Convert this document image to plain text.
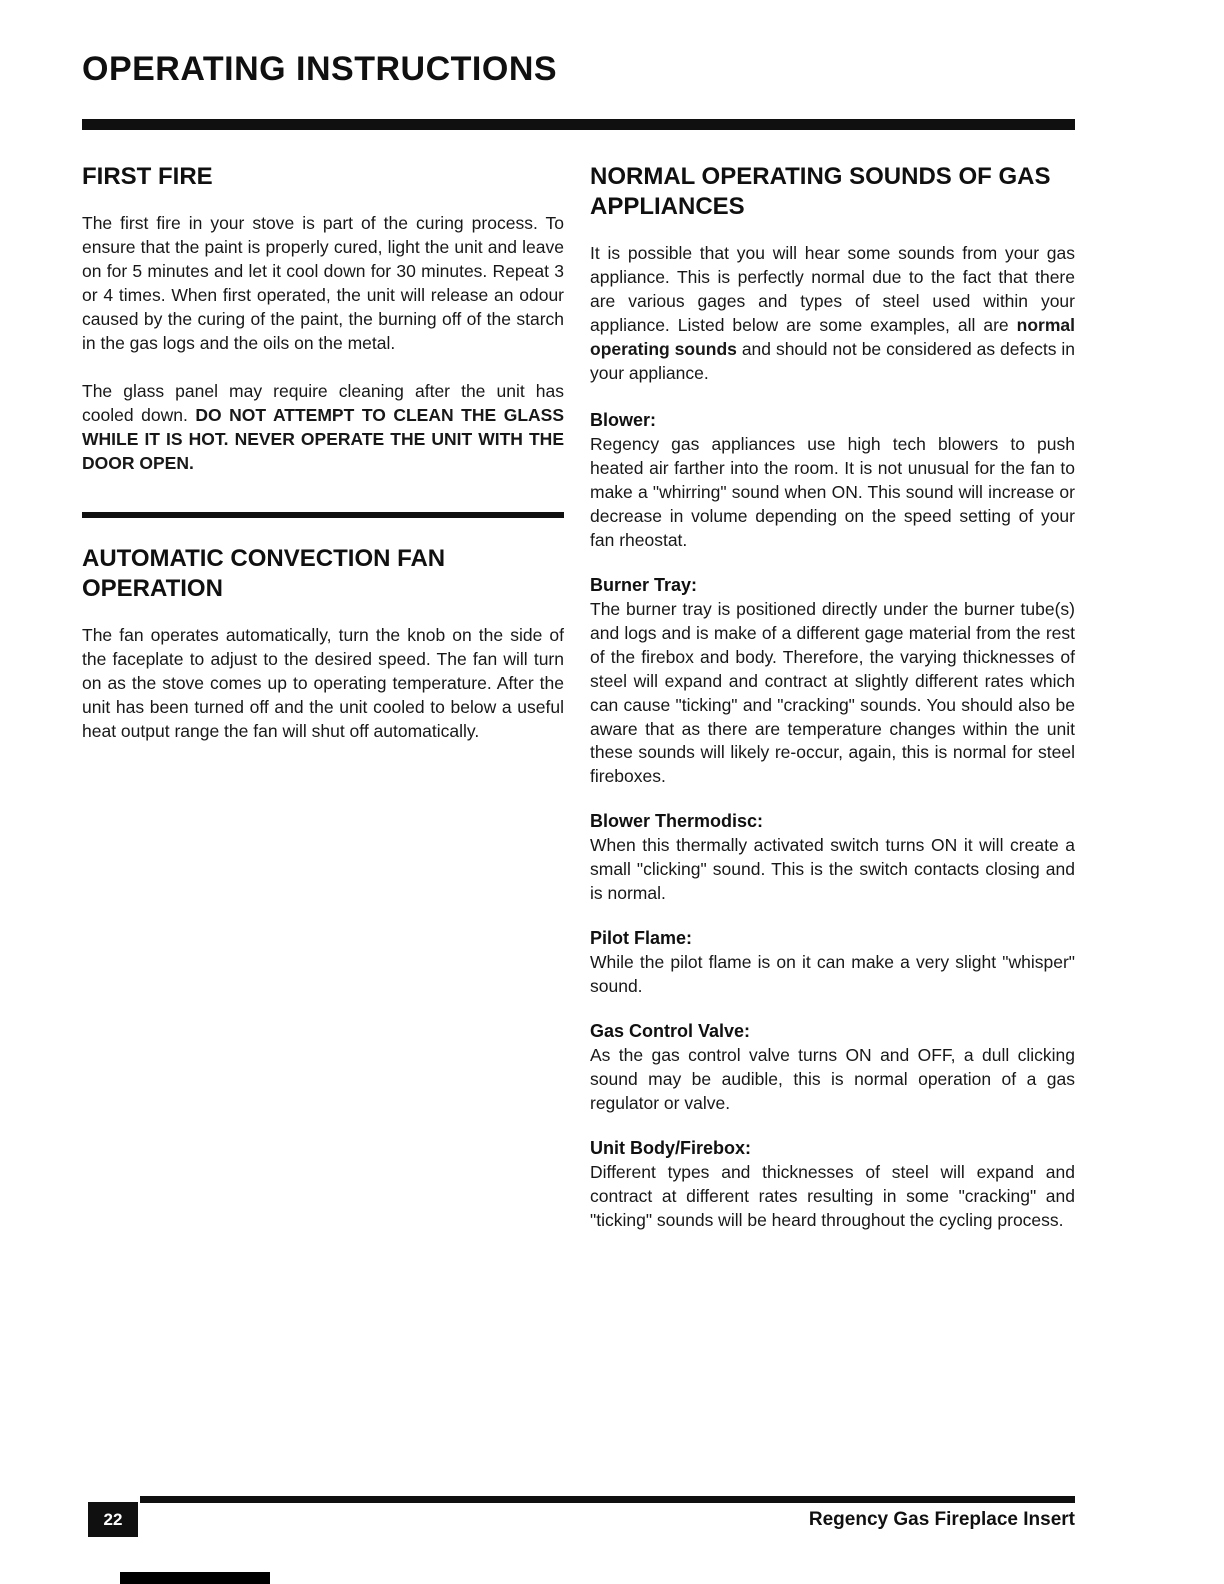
OPERATING INSTRUCTIONS
FIRST FIRE

The first fire in your stove is part of the curing process. To ensure that the paint is properly cured, light the unit and leave on for 5 minutes and let it cool down for 30 minutes. Repeat 3 or 4 times. When first operated, the unit will release an odour caused by the curing of the paint, the burning off of the starch in the gas logs and the oils on the metal.

The glass panel may require cleaning after the unit has cooled down. DO NOT ATTEMPT TO CLEAN THE GLASS WHILE IT IS HOT. NEVER OPERATE THE UNIT WITH THE DOOR OPEN.

AUTOMATIC CONVECTION FAN OPERATION

The fan operates automatically, turn the knob on the side of the faceplate to adjust to the desired speed. The fan will turn on as the stove comes up to operating temperature. After the unit has been turned off and the unit cooled to below a useful heat output range the fan will shut off automatically.

NORMAL OPERATING SOUNDS OF GAS APPLIANCES

It is possible that you will hear some sounds from your gas appliance. This is perfectly normal due to the fact that there are various gages and types of steel used within your appliance. Listed below are some examples, all are normal operating sounds and should not be considered as defects in your appliance.

Blower:
Regency gas appliances use high tech blowers to push heated air farther into the room. It is not unusual for the fan to make a "whirring" sound when ON. This sound will increase or decrease in volume depending on the speed setting of your fan rheostat.
Burner Tray:
The burner tray is positioned directly under the burner tube(s) and logs and is make of a different gage material from the rest of the firebox and body. Therefore, the varying thicknesses of steel will expand and contract at slightly different rates which can cause "ticking" and "cracking" sounds. You should also be aware that as there are temperature changes within the unit these sounds will likely re-occur, again, this is normal for steel fireboxes.
Blower Thermodisc:
When this thermally activated switch turns ON it will create a small "clicking" sound. This is the switch contacts closing and is normal.
Pilot Flame:
While the pilot flame is on it can make a very slight "whisper" sound.
Gas Control Valve:
As the gas control valve turns ON and OFF, a dull clicking sound may be audible, this is normal operation of a gas regulator or valve.
Unit Body/Firebox:
Different types and thicknesses of steel will expand and contract at different rates resulting in some "cracking" and "ticking" sounds will be heard throughout the cycling process.
22	Regency Gas Fireplace Insert
